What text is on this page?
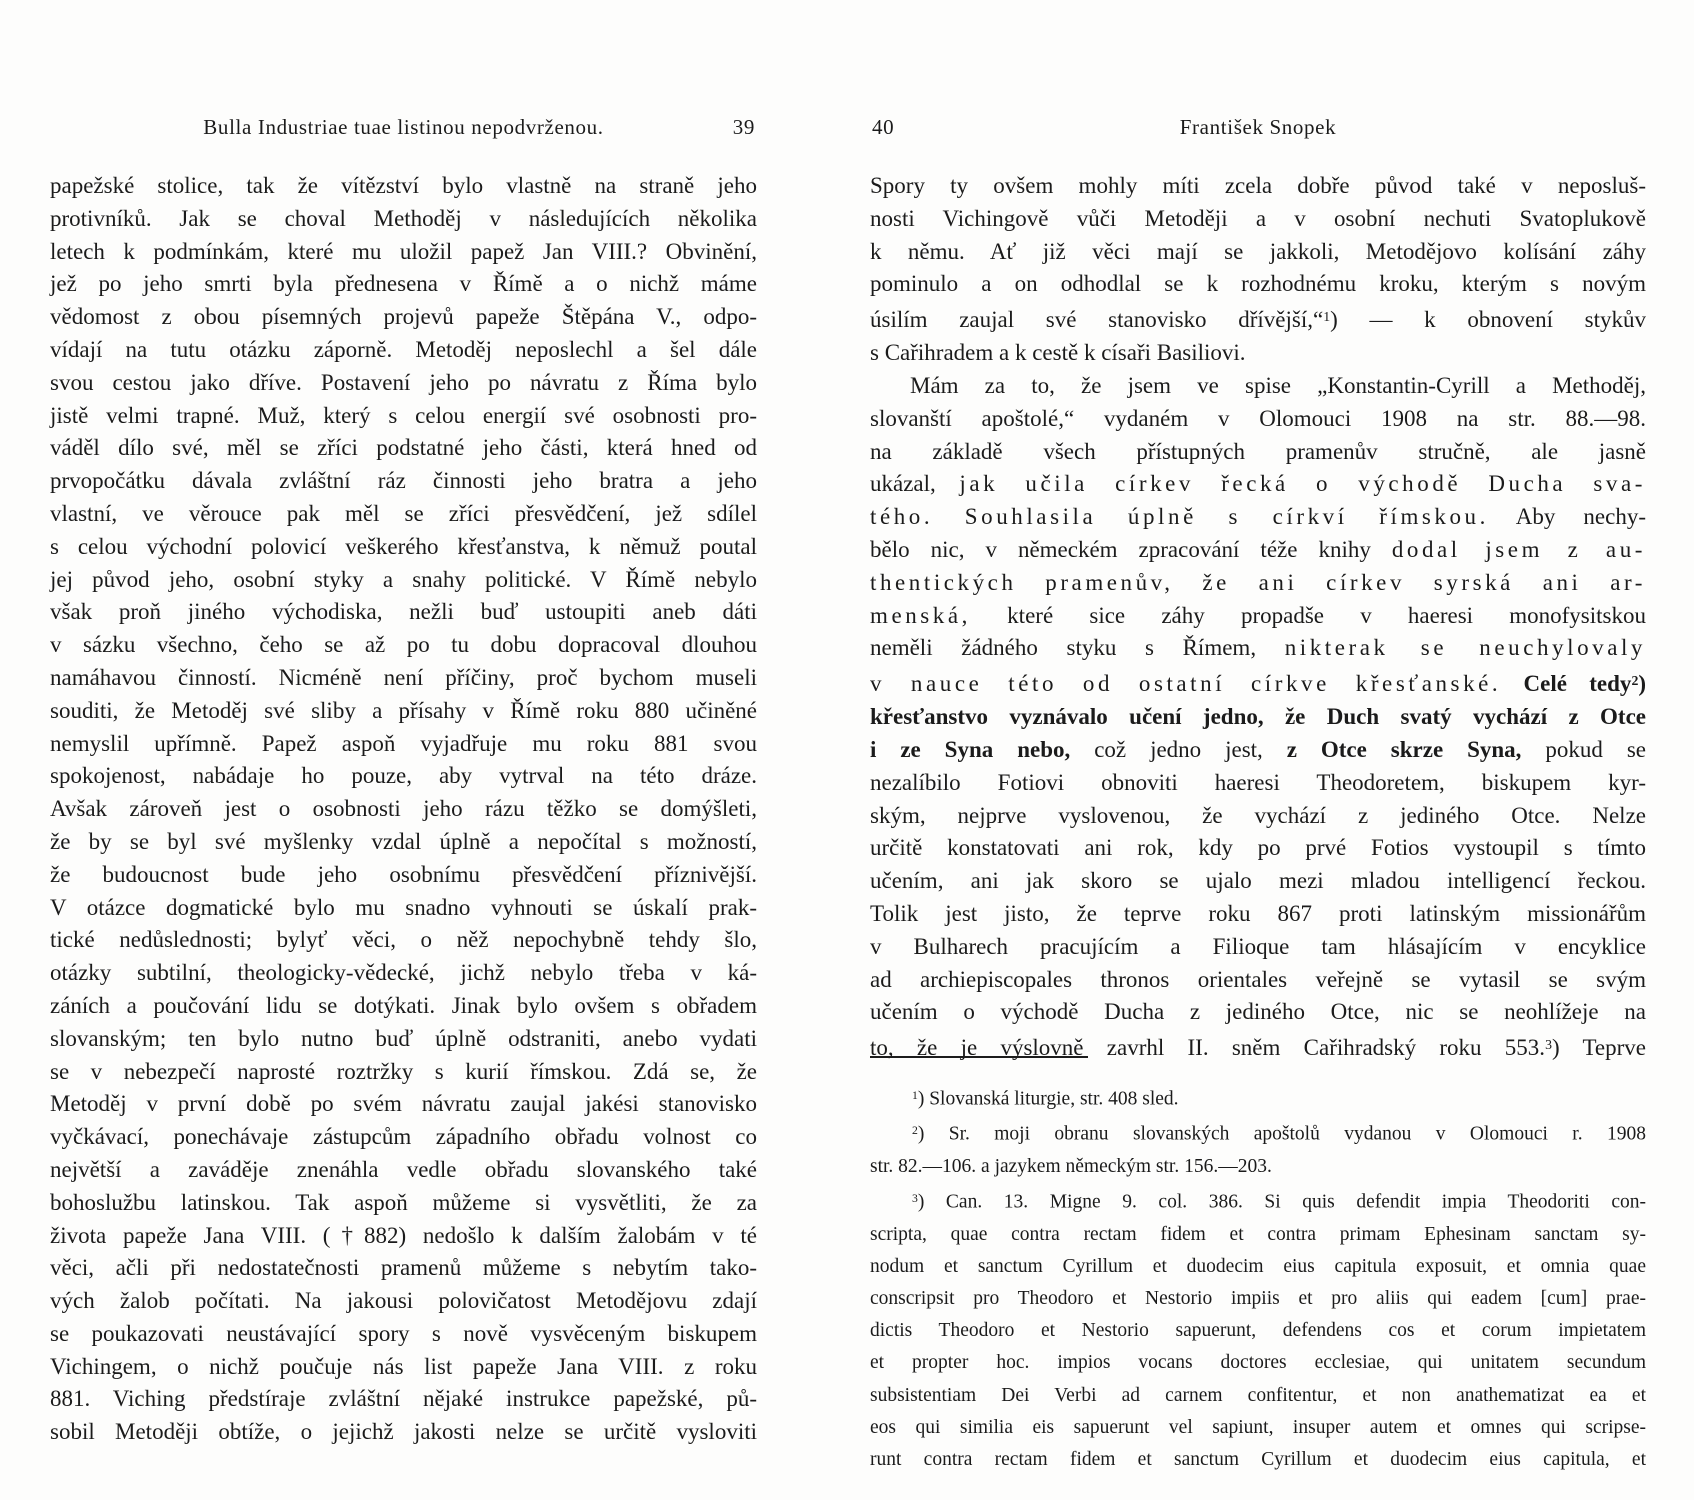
Bulla Industriae tuae listinou nepodvrženou.	39
papežské stolice, tak že vítězství bylo vlastně na straně jeho
protivníků. Jak se choval Methoděj v následujících několika
letech k podmínkám, které mu uložil papež Jan VIII.? Obvinění,
jež po jeho smrti byla přednesena v Římě a o nichž máme
vědomost z obou písemných projevů papeže Štěpána V., odpo-
vídají na tutu otázku záporně. Metoděj neposlechl a šel dále
svou cestou jako dříve. Postavení jeho po návratu z Říma bylo
jistě velmi trapné. Muž, který s celou energií své osobnosti pro-
váděl dílo své, měl se zříci podstatné jeho části, která hned od
prvopočátku dávala zvláštní ráz činnosti jeho bratra a jeho
vlastní, ve věrouce pak měl se zříci přesvědčení, jež sdílel
s celou východní polovicí veškerého křesťanstva, k němuž poutal
jej původ jeho, osobní styky a snahy politické. V Římě nebylo
však proň jiného východiska, nežli buď ustoupiti aneb dáti
v sázku všechno, čeho se až po tu dobu dopracoval dlouhou
namáhavou činností. Nicméně není příčiny, proč bychom museli
souditi, že Metoděj své sliby a přísahy v Římě roku 880 učiněné
nemyslil upřímně. Papež aspoň vyjadřuje mu roku 881 svou
spokojenost, nabádaje ho pouze, aby vytrval na této dráze.
Avšak zároveň jest o osobnosti jeho rázu těžko se domýšleti,
že by se byl své myšlenky vzdal úplně a nepočítal s možností,
že budoucnost bude jeho osobnímu přesvědčení příznivější.
V otázce dogmatické bylo mu snadno vyhnouti se úskalí prak-
tické nedůslednosti; bylyť věci, o něž nepochybně tehdy šlo,
otázky subtilní, theologicky-vědecké, jichž nebylo třeba v ká-
záních a poučování lidu se dotýkati. Jinak bylo ovšem s obřadem
slovanským; ten bylo nutno buď úplně odstraniti, anebo vydati
se v nebezpečí naprosté roztržky s kurií římskou. Zdá se, že
Metoděj v první době po svém návratu zaujal jakési stanovisko
vyčkávací, ponechávaje zástupcům západního obřadu volnost co
největší a zaváděje znenáhla vedle obřadu slovanského také
bohoslužbu latinskou. Tak aspoň můžeme si vysvětliti, že za
života papeže Jana VIII. (†882) nedošlo k dalším žalobám v té
věci, ačli při nedostatečnosti pramenů můžeme s nebytím tako-
vých žalob počítati. Na jakousi polovičatost Metodějovu zdají
se poukazovati neustávající spory s nově vysvěceným biskupem
Vichingem, o nichž poučuje nás list papeže Jana VIII. z roku
881. Viching předstíraje zvláštní nějaké instrukce papežské, pů-
sobil Metoději obtíže, o jejichž jakosti nelze se určitě vysloviti
40	František Snopek
Spory ty ovšem mohly míti zcela dobře původ také v neposluš-
nosti Vichingově vůči Metoději a v osobní nechuti Svatoplukově
k němu. Ať již věci mají se jakkoli, Metodějovo kolísání záhy
pominulo a on odhodlal se k rozhodnému kroku, kterým s novým
úsilím zaujal své stanovisko dřívější,“$^1$) — k obnovení stykův
s Cařihradem a k cestě k císaři Basiliovi.
Mám za to, že jsem ve spise „Konstantin-Cyrill a Methoděj,
slovanští apoštolé,“ vydaném v Olomouci 1908 na str. 88.—98.
na základě všech přístupných pramenův stručně, ale jasně
ukázal, jak učila církev řecká o východě Ducha sva-
tého. Souhlasila úplně s církví římskou. Aby nechy-
bělo nic, v německém zpracování téže knihy dodal jsem z au-
thentických pramenův, že ani církev syrská ani ar-
menská, které sice záhy propadše v haeresi monofysitskou
neměli žádného styku s Římem, nikterak se neuchylovaly
v nauce této od ostatní církve křesťanské. Celé tedy$^2$)
křesťanstvo vyznávalo učení jedno, že Duch svatý vychází z Otce
i ze Syna nebo, což jedno jest, z Otce skrze Syna, pokud se
nezalíbilo Fotiovi obnoviti haeresi Theodoretem, biskupem kyr-
ským, nejprve vyslovenou, že vychází z jediného Otce. Nelze
určitě konstatovati ani rok, kdy po prvé Fotios vystoupil s tímto
učením, ani jak skoro se ujalo mezi mladou intelligencí řeckou.
Tolik jest jisto, že teprve roku 867 proti latinským missionářům
v Bulharech pracujícím a Filioque tam hlásajícím v encyklice
ad archiepiscopales thronos orientales veřejně se vytasil se svým
učením o východě Ducha z jediného Otce, nic se neohlížeje na
to, že je výslovně zavrhl II. sněm Cařihradský roku 553.$^3$) Teprve
$^1$) Slovanská liturgie, str. 408 sled.
$^2$) Sr. moji obranu slovanských apoštolů vydanou v Olomouci r. 1908
str. 82.—106. a jazykem německým str. 156.—203.
$^3$) Can. 13. Migne 9. col. 386. Si quis defendit impia Theodoriti con-
scripta, quae contra rectam fidem et contra primam Ephesinam sanctam sy-
nodum et sanctum Cyrillum et duodecim eius capitula exposuit, et omnia quae
conscripsit pro Theodoro et Nestorio impiis et pro aliis qui eadem [cum] prae-
dictis Theodoro et Nestorio sapuerunt, defendens cos et corum impietatem
et propter hoc. impios vocans doctores ecclesiae, qui unitatem secundum
subsistentiam Dei Verbi ad carnem confitentur, et non anathematizat ea et
eos qui similia eis sapuerunt vel sapiunt, insuper autem et omnes qui scripse-
runt contra rectam fidem et sanctum Cyrillum et duodecim eius capitula, et
